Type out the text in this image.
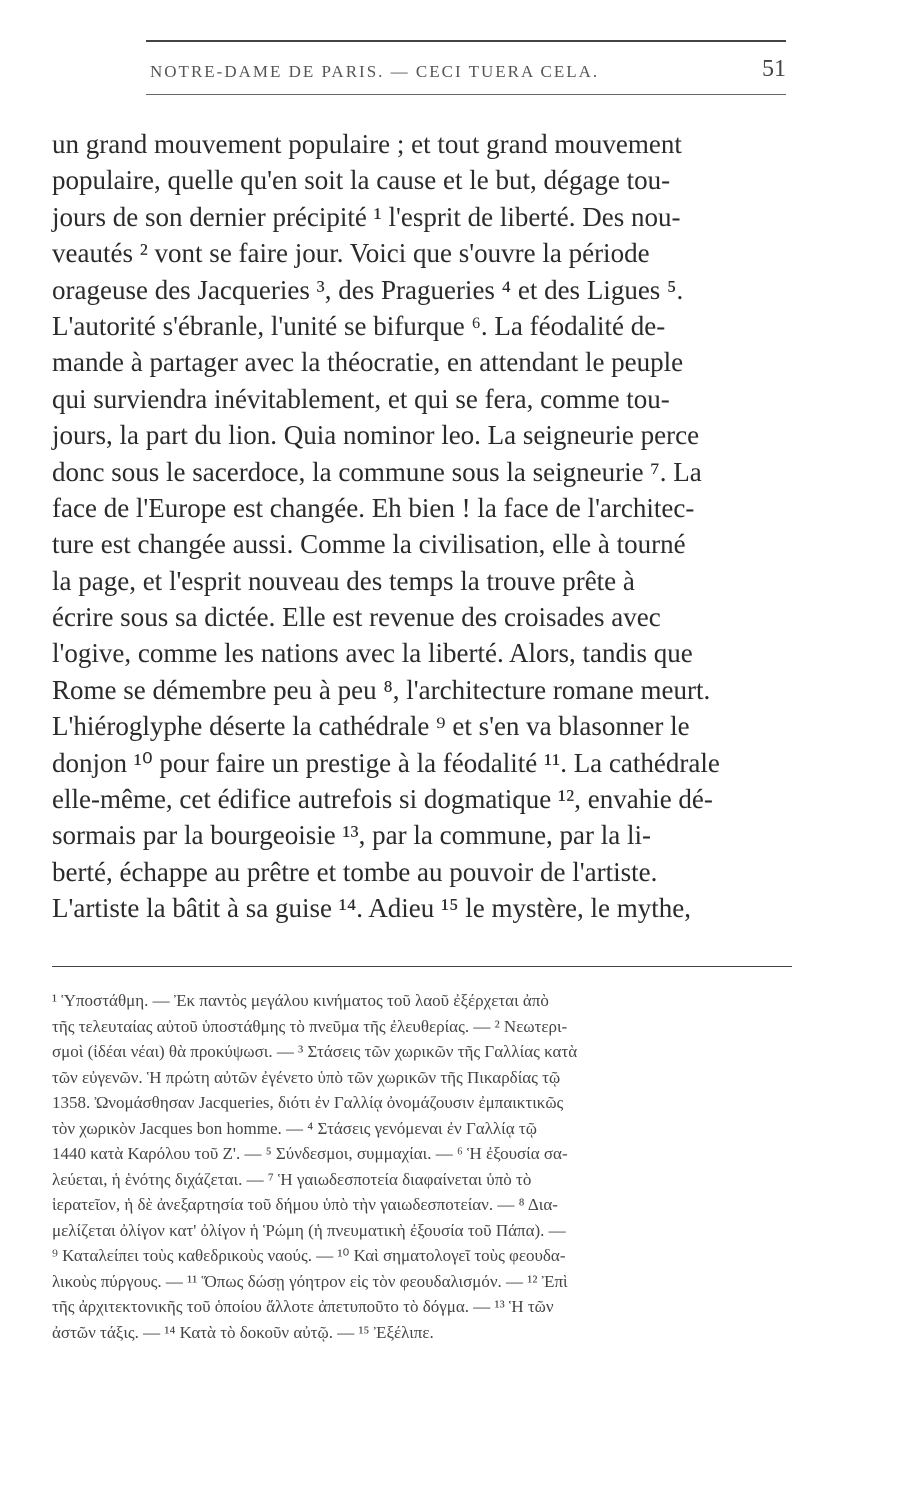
NOTRE-DAME DE PARIS. — CECI TUERA CELA.	51
un grand mouvement populaire ; et tout grand mouvement
populaire, quelle qu'en soit la cause et le but, dégage tou-
jours de son dernier précipité ¹ l'esprit de liberté. Des nou-
veautés ² vont se faire jour. Voici que s'ouvre la période
orageuse des Jacqueries ³, des Pragueries ⁴ et des Ligues ⁵.
L'autorité s'ébranle, l'unité se bifurque ⁶. La féodalité de-
mande à partager avec la théocratie, en attendant le peuple
qui surviendra inévitablement, et qui se fera, comme tou-
jours, la part du lion. Quia nominor leo. La seigneurie perce
donc sous le sacerdoce, la commune sous la seigneurie ⁷. La
face de l'Europe est changée. Eh bien ! la face de l'architec-
ture est changée aussi. Comme la civilisation, elle à tourné
la page, et l'esprit nouveau des temps la trouve prête à
écrire sous sa dictée. Elle est revenue des croisades avec
l'ogive, comme les nations avec la liberté. Alors, tandis que
Rome se démembre peu à peu ⁸, l'architecture romane meurt.
L'hiéroglyphe déserte la cathédrale ⁹ et s'en va blasonner le
donjon ¹⁰ pour faire un prestige à la féodalité ¹¹. La cathédrale
elle-même, cet édifice autrefois si dogmatique ¹², envahie dé-
sormais par la bourgeoisie ¹³, par la commune, par la li-
berté, échappe au prêtre et tombe au pouvoir de l'artiste.
L'artiste la bâtit à sa guise ¹⁴. Adieu ¹⁵ le mystère, le mythe,
¹ Ὑποστάθμη. — Ἐκ παντὸς μεγάλου κινήματος τοῦ λαοῦ ἐξέρχεται ἀπὸ
τῆς τελευταίας αὐτοῦ ὑποστάθμης τὸ πνεῦμα τῆς ἐλευθερίας. — ² Νεωτερι-
σμοὶ (ἰδέαι νέαι) θὰ προκύψωσι. — ³ Στάσεις τῶν χωρικῶν τῆς Γαλλίας κατὰ
τῶν εὐγενῶν. Ἡ πρώτη αὐτῶν ἐγένετο ὑπὸ τῶν χωρικῶν τῆς Πικαρδίας τῷ
1358. Ὠνομάσθησαν Jacqueries, διότι ἐν Γαλλίᾳ ὀνομάζουσιν ἐμπαικτικῶς
τὸν χωρικὸν Jacques bon homme. — ⁴ Στάσεις γενόμεναι ἐν Γαλλίᾳ τῷ
1440 κατὰ Καρόλου τοῦ Ζ'. — ⁵ Σύνδεσμοι, συμμαχίαι. — ⁶ Ἡ ἐξουσία σα-
λεύεται, ἡ ἑνότης διχάζεται. — ⁷ Ἡ γαιωδεσποτεία διαφαίνεται ὑπὸ τὸ
ἱερατεῖον, ἡ δὲ ἀνεξαρτησία τοῦ δήμου ὑπὸ τὴν γαιωδεσποτείαν. — ⁸ Δια-
μελίζεται ὀλίγον κατ' ὀλίγον ἡ Ῥώμη (ἡ πνευματικὴ ἐξουσία τοῦ Πάπα). —
⁹ Καταλείπει τοὺς καθεδρικοὺς ναούς. — ¹⁰ Καὶ σηματολογεῖ τοὺς φεουδα-
λικοὺς πύργους. — ¹¹ Ὅπως δώσῃ γόητρον εἰς τὸν φεουδαλισμόν. — ¹² Ἐπὶ
τῆς ἀρχιτεκτονικῆς τοῦ ὁποίου ἄλλοτε ἀπετυποῦτο τὸ δόγμα. — ¹³ Ἡ τῶν
ἀστῶν τάξις. — ¹⁴ Κατὰ τὸ δοκοῦν αὐτῷ. — ¹⁵ Ἐξέλιπε.
